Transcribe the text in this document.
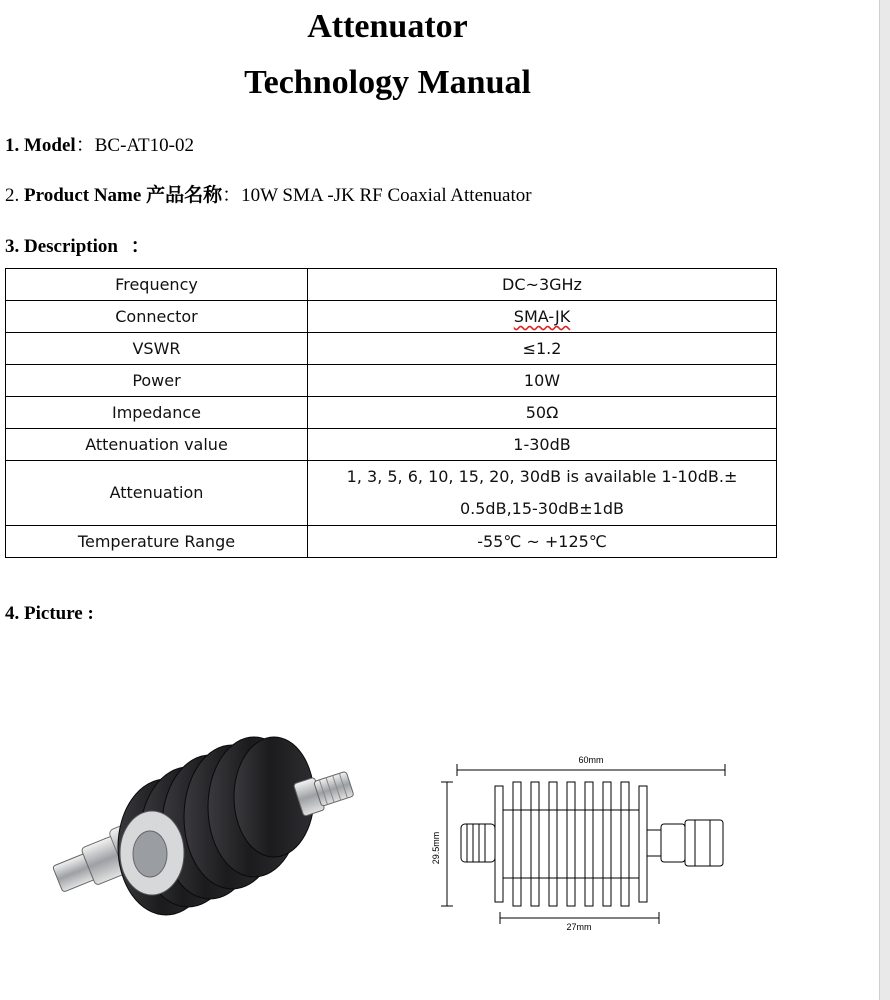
Attenuator
Technology Manual
1. Model：BC-AT10-02
2. Product Name 产品名称：10W SMA -JK RF Coaxial Attenuator
3. Description ：
Frequency	DC~3GHz
Connector	SMA-JK
VSWR	≤1.2
Power	10W
Impedance	50Ω
Attenuation value	1-30dB
Attenuation	1, 3, 5, 6, 10, 15, 20, 30dB is available 1-10dB.±
0.5dB,15-30dB±1dB
Temperature Range	-55℃ ~ +125℃
4. Picture :
60mm
29.5mm
27mm
